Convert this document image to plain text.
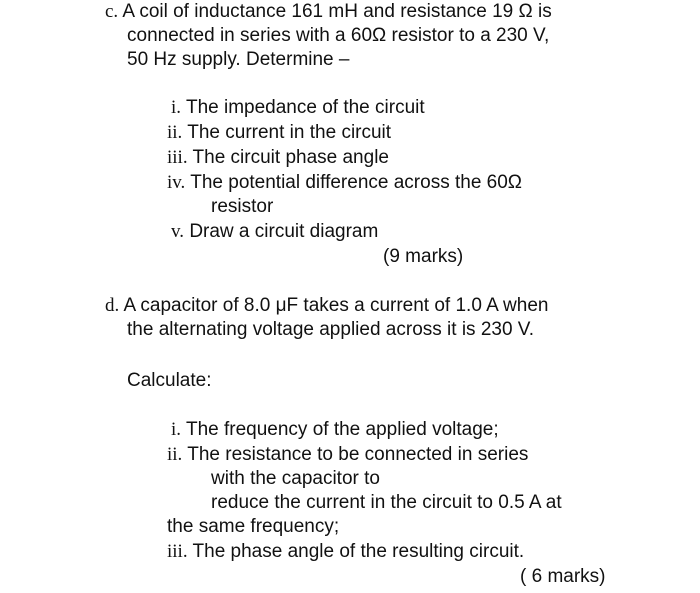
c. A coil of inductance 161 mH and resistance 19 Ω is
connected in series with a 60Ω resistor to a 230 V,
50 Hz supply. Determine –
i. The impedance of the circuit
ii. The current in the circuit
iii. The circuit phase angle
iv. The potential difference across the 60Ω
resistor
v. Draw a circuit diagram
(9 marks)
d. A capacitor of 8.0 μF takes a current of 1.0 A when
the alternating voltage applied across it is 230 V.
Calculate:
i. The frequency of the applied voltage;
ii. The resistance to be connected in series
with the capacitor to
reduce the current in the circuit to 0.5 A at
the same frequency;
iii. The phase angle of the resulting circuit.
( 6 marks)
